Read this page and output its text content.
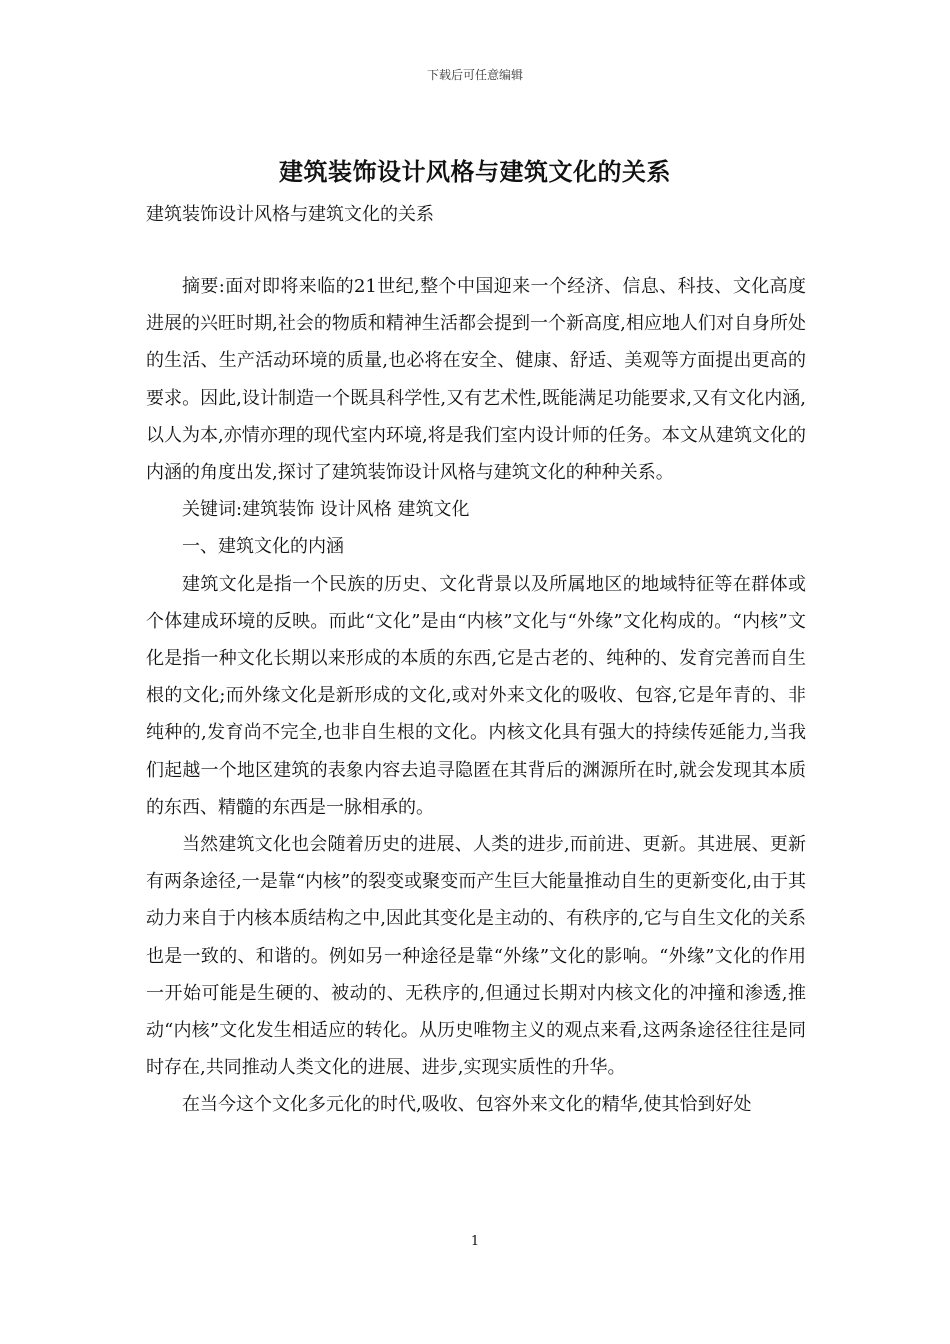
下载后可任意编辑
建筑装饰设计风格与建筑文化的关系
建筑装饰设计风格与建筑文化的关系

摘要:面对即将来临的21世纪,整个中国迎来一个经济、信息、科技、文化高度进展的兴旺时期,社会的物质和精神生活都会提到一个新高度,相应地人们对自身所处的生活、生产活动环境的质量,也必将在安全、健康、舒适、美观等方面提出更高的要求。因此,设计制造一个既具科学性,又有艺术性,既能满足功能要求,又有文化内涵,以人为本,亦情亦理的现代室内环境,将是我们室内设计师的任务。本文从建筑文化的内涵的角度出发,探讨了建筑装饰设计风格与建筑文化的种种关系。

关键词:建筑装饰 设计风格 建筑文化

一、建筑文化的内涵

建筑文化是指一个民族的历史、文化背景以及所属地区的地域特征等在群体或个体建成环境的反映。而此“文化”是由“内核”文化与“外缘”文化构成的。“内核”文化是指一种文化长期以来形成的本质的东西,它是古老的、纯种的、发育完善而自生根的文化;而外缘文化是新形成的文化,或对外来文化的吸收、包容,它是年青的、非纯种的,发育尚不完全,也非自生根的文化。内核文化具有强大的持续传延能力,当我们起越一个地区建筑的表象内容去追寻隐匿在其背后的渊源所在时,就会发现其本质的东西、精髓的东西是一脉相承的。

当然建筑文化也会随着历史的进展、人类的进步,而前进、更新。其进展、更新有两条途径,一是靠“内核”的裂变或聚变而产生巨大能量推动自生的更新变化,由于其动力来自于内核本质结构之中,因此其变化是主动的、有秩序的,它与自生文化的关系也是一致的、和谐的。例如另一种途径是靠“外缘”文化的影响。“外缘”文化的作用一开始可能是生硬的、被动的、无秩序的,但通过长期对内核文化的冲撞和渗透,推动“内核”文化发生相适应的转化。从历史唯物主义的观点来看,这两条途径往往是同时存在,共同推动人类文化的进展、进步,实现实质性的升华。

在当今这个文化多元化的时代,吸收、包容外来文化的精华,使其恰到好处

1
